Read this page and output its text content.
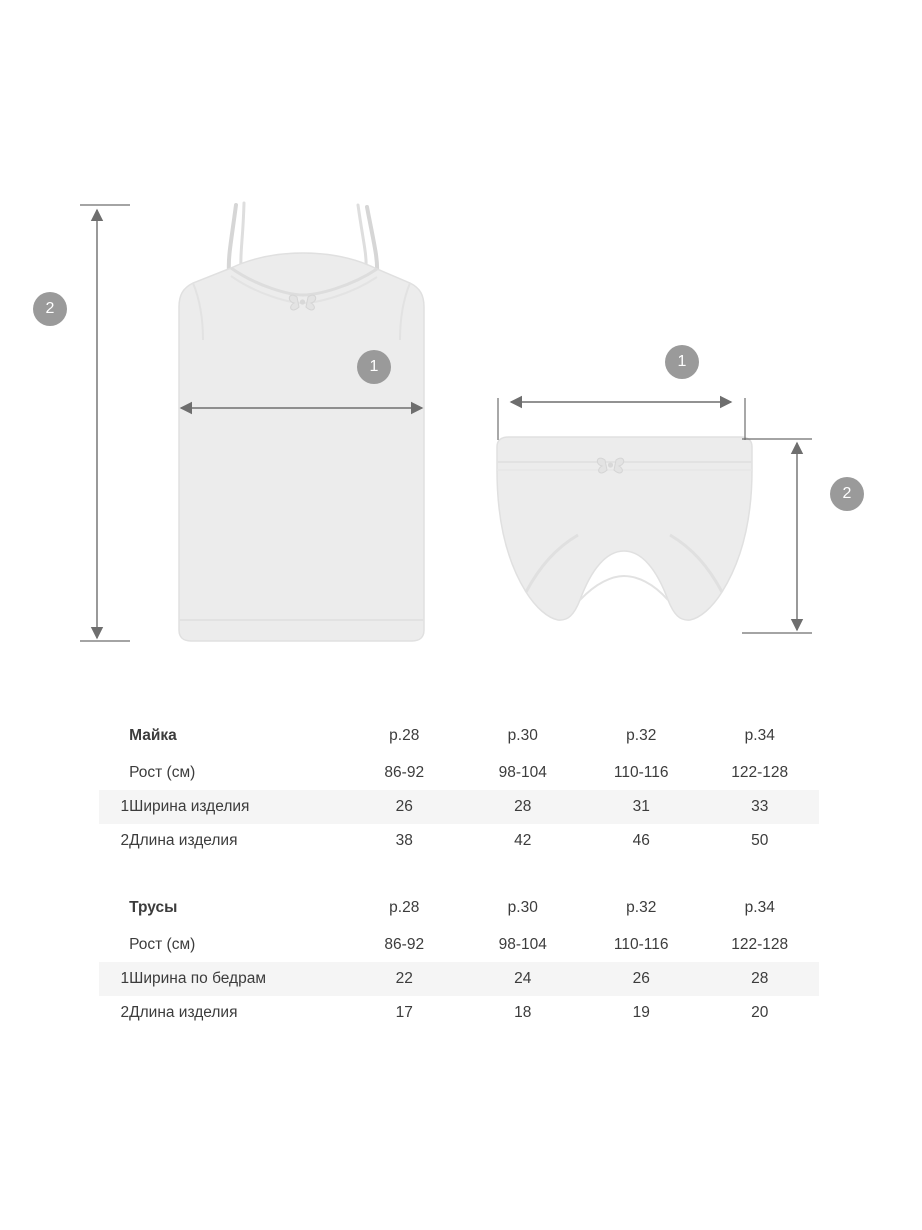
2
1	1
2
	Майка	р.28	р.30	р.32	р.34
	Рост (см)	86-92	98-104	110-116	122-128
1	Ширина изделия	26	28	31	33
2	Длина изделия	38	42	46	50
	Трусы	р.28	р.30	р.32	р.34
	Рост (см)	86-92	98-104	110-116	122-128
1	Ширина по бедрам	22	24	26	28
2	Длина изделия	17	18	19	20
